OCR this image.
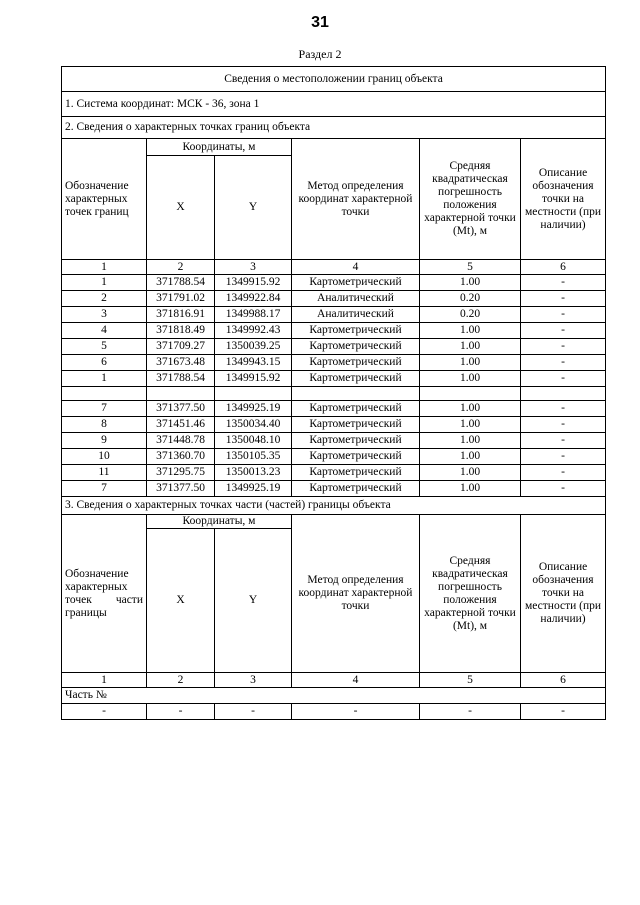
31
Раздел 2
Сведения о местоположении границ объекта					
1. Система координат: МСК - 36, зона 1					
2. Сведения о характерных точках границ объекта					
Обозначение характерных точек границ	Координаты, м		Метод определения координат характерной точки	Средняя квадратическая погрешность положения характерной точки (Mt), м	Описание обозначения точки на местности (при наличии)
	X	Y			
1	2	3	4	5	6
1	371788.54	1349915.92	Картометрический	1.00	-
2	371791.02	1349922.84	Аналитический	0.20	-
3	371816.91	1349988.17	Аналитический	0.20	-
4	371818.49	1349992.43	Картометрический	1.00	-
5	371709.27	1350039.25	Картометрический	1.00	-
6	371673.48	1349943.15	Картометрический	1.00	-
1	371788.54	1349915.92	Картометрический	1.00	-

7	371377.50	1349925.19	Картометрический	1.00	-
8	371451.46	1350034.40	Картометрический	1.00	-
9	371448.78	1350048.10	Картометрический	1.00	-
10	371360.70	1350105.35	Картометрический	1.00	-
11	371295.75	1350013.23	Картометрический	1.00	-
7	371377.50	1349925.19	Картометрический	1.00	-
3. Сведения о характерных точках части (частей) границы объекта					
Обозначение характерных точек части границы	Координаты, м		Метод определения координат характерной точки	Средняя квадратическая погрешность положения характерной точки (Mt), м	Описание обозначения точки на местности (при наличии)
	X	Y			
1	2	3	4	5	6
Часть №					
-	-	-	-	-	-
